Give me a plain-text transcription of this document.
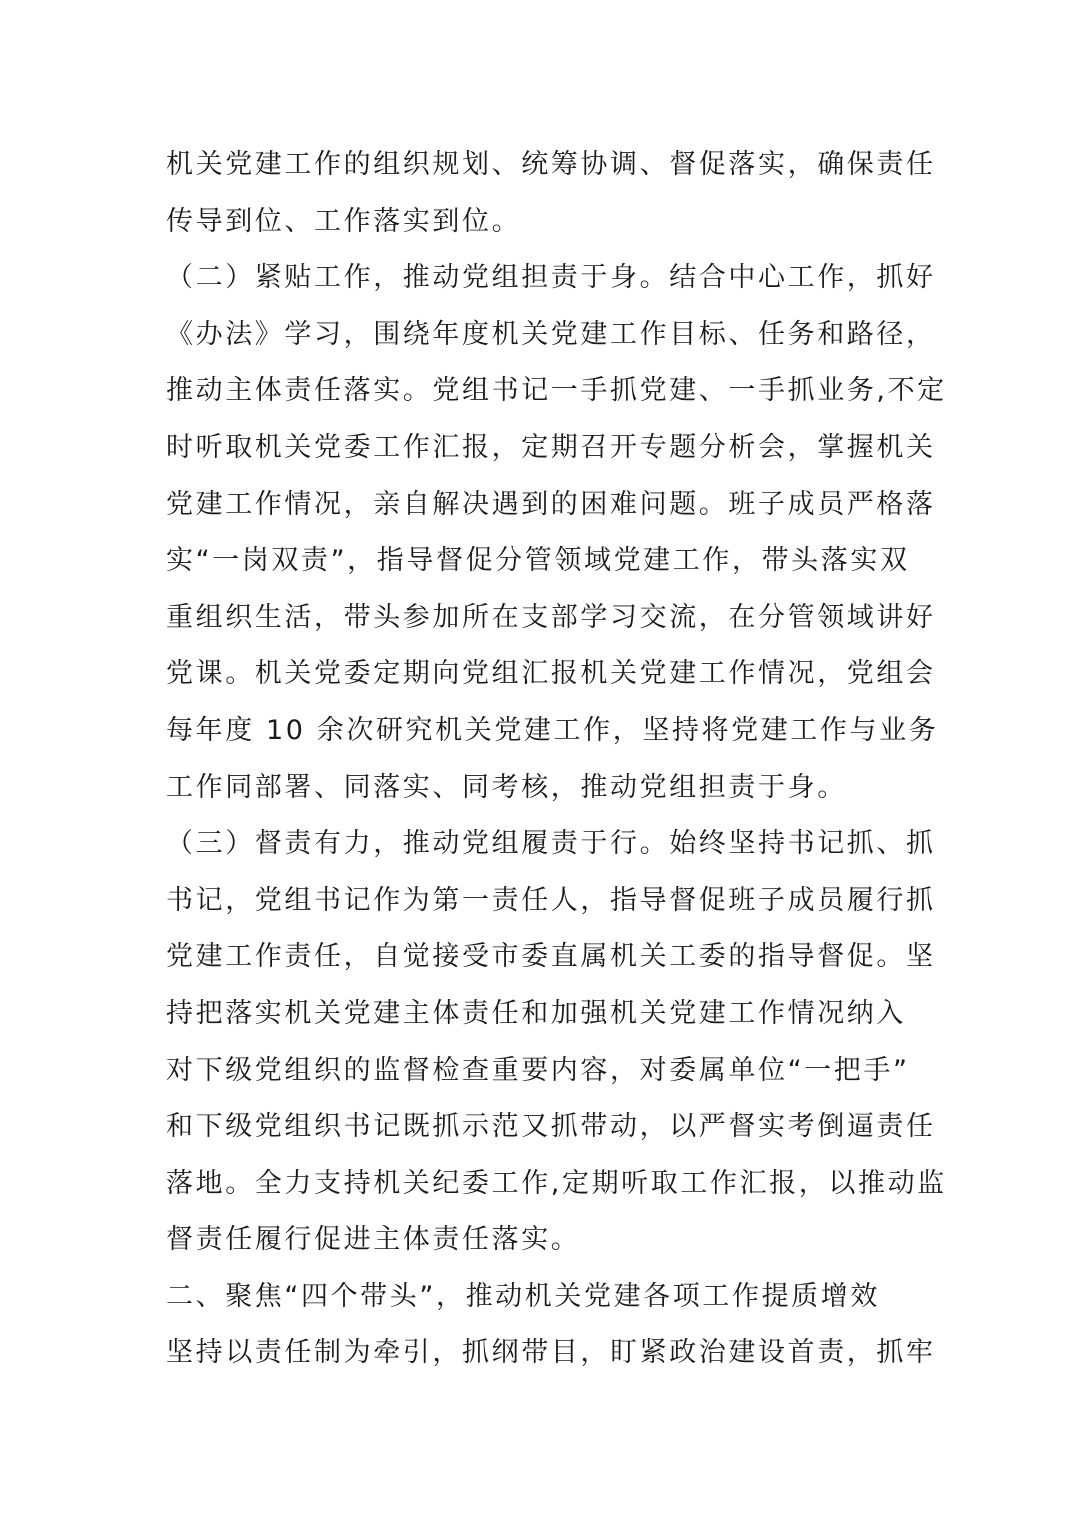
机关党建工作的组织规划、统筹协调、督促落实，确保责任
传导到位、工作落实到位。
（二）紧贴工作，推动党组担责于身。结合中心工作，抓好
《办法》学习，围绕年度机关党建工作目标、任务和路径，
推动主体责任落实。党组书记一手抓党建、一手抓业务,不定
时听取机关党委工作汇报，定期召开专题分析会，掌握机关
党建工作情况，亲自解决遇到的困难问题。班子成员严格落
实“一岗双责”，指导督促分管领域党建工作，带头落实双
重组织生活，带头参加所在支部学习交流，在分管领域讲好
党课。机关党委定期向党组汇报机关党建工作情况，党组会
每年度 10 余次研究机关党建工作，坚持将党建工作与业务
工作同部署、同落实、同考核，推动党组担责于身。
（三）督责有力，推动党组履责于行。始终坚持书记抓、抓
书记，党组书记作为第一责任人，指导督促班子成员履行抓
党建工作责任，自觉接受市委直属机关工委的指导督促。坚
持把落实机关党建主体责任和加强机关党建工作情况纳入
对下级党组织的监督检查重要内容，对委属单位“一把手”
和下级党组织书记既抓示范又抓带动，以严督实考倒逼责任
落地。全力支持机关纪委工作,定期听取工作汇报，以推动监
督责任履行促进主体责任落实。
二、聚焦“四个带头”，推动机关党建各项工作提质增效
坚持以责任制为牵引，抓纲带目，盯紧政治建设首责，抓牢
